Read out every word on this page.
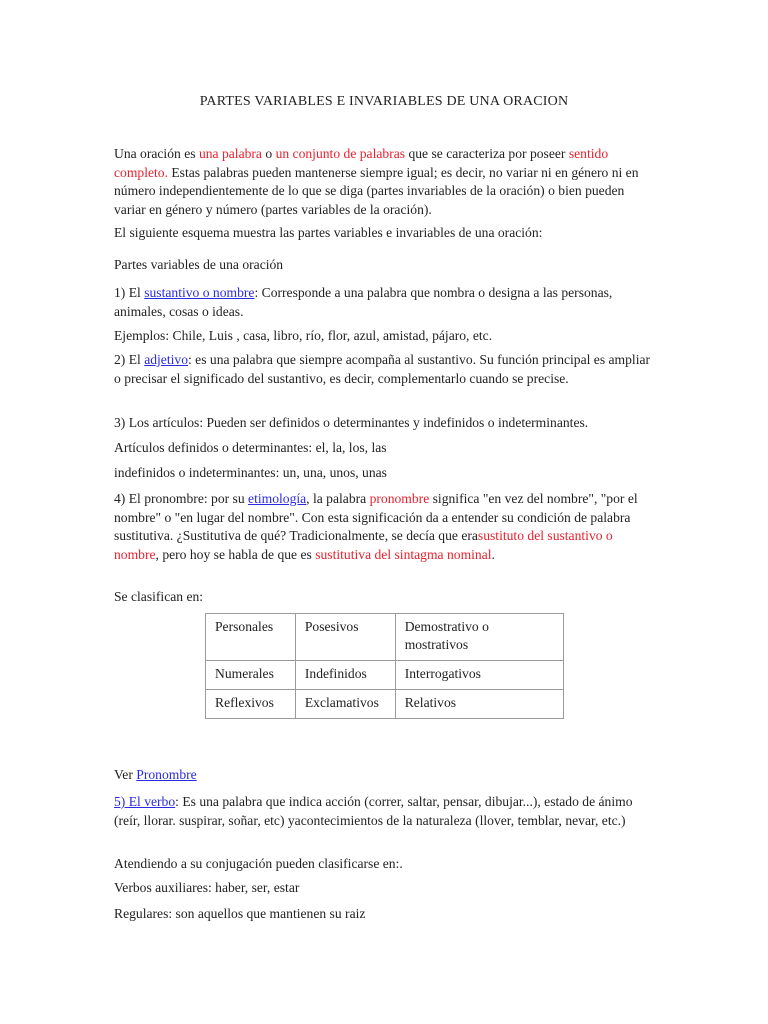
PARTES VARIABLES E INVARIABLES DE UNA ORACION

Una oración es una palabra o un conjunto de palabras que se caracteriza por poseer sentido completo. Estas palabras pueden mantenerse siempre igual; es decir, no variar ni en género ni en número independientemente de lo que se diga (partes invariables de la oración) o bien pueden variar en género y número (partes variables de la oración).

El siguiente esquema muestra las partes variables e invariables de una oración:

Partes variables de una oración

1) El sustantivo o nombre: Corresponde a una palabra que nombra o designa a las personas, animales, cosas o ideas.

Ejemplos: Chile, Luis , casa, libro, río, flor, azul, amistad, pájaro, etc.

2) El adjetivo: es una palabra que siempre acompaña al sustantivo. Su función principal es ampliar o precisar el significado del sustantivo, es decir, complementarlo cuando se precise.

3) Los artículos: Pueden ser definidos o determinantes y indefinidos o indeterminantes.

Artículos definidos o determinantes: el, la, los, las

indefinidos o indeterminantes: un, una, unos, unas

4) El pronombre: por su etimología, la palabra pronombre significa "en vez del nombre", "por el nombre" o "en lugar del nombre". Con esta significación da a entender su condición de palabra sustitutiva. ¿Sustitutiva de qué? Tradicionalmente, se decía que erasustituto del sustantivo o nombre, pero hoy se habla de que es sustitutiva del sintagma nominal.

Se clasifican en:

Personales	Posesivos	Demostrativo o mostrativos
Numerales	Indefinidos	Interrogativos
Reflexivos	Exclamativos	Relativos

Ver Pronombre

5) El verbo: Es una palabra que indica acción (correr, saltar, pensar, dibujar...), estado de ánimo (reír, llorar. suspirar, soñar, etc) yacontecimientos de la naturaleza (llover, temblar, nevar, etc.)

Atendiendo a su conjugación pueden clasificarse en:.

Verbos auxiliares: haber, ser, estar

Regulares: son aquellos que mantienen su raiz
